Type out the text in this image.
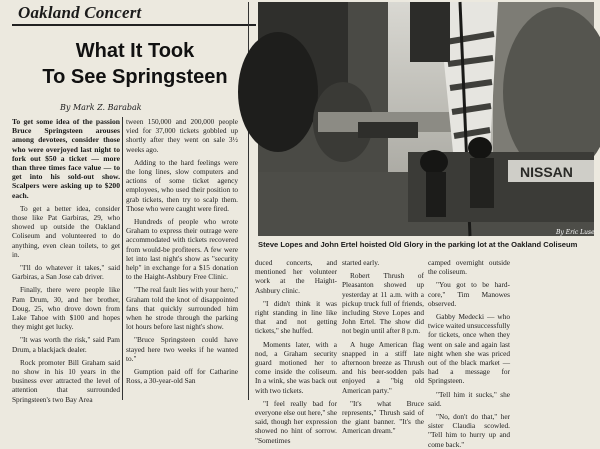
Oakland Concert
What It Took
To See Springsteen
By Mark Z. Barabak

To get some idea of the passion Bruce Springsteen arouses among devotees, consider those who were overjoyed last night to fork out $50 a ticket — more than three times face value — to get into his sold-out show. Scalpers were asking up to $200 each.

To get a better idea, consider those like Pat Garbiras, 29, who showed up outside the Oakland Coliseum and volunteered to do anything, even clean toilets, to get in.

"I'll do whatever it takes," said Garbiras, a San Jose cab driver.

Finally, there were people like Pam Drum, 30, and her brother, Doug, 25, who drove down from Lake Tahoe with $100 and hopes they might get lucky.

"It was worth the risk," said Pam Drum, a blackjack dealer.

Rock promoter Bill Graham said no show in his 10 years in the business ever attracted the level of attention that surrounded Springsteen's two Bay Area

tween 150,000 and 200,000 people vied for 37,000 tickets gobbled up shortly after they went on sale 3½ weeks ago.

Adding to the hard feelings were the long lines, slow computers and actions of some ticket agency employees, who used their position to grab tickets, then try to scalp them. Those who were caught were fired.

Hundreds of people who wrote Graham to express their outrage were accommodated with tickets recovered from would-be profiteers. A few were let into last night's show as "security help" in exchange for a $15 donation to the Haight-Ashbury Free Clinic.

"The real fault lies with your hero," Graham told the knot of disappointed fans that quickly surrounded him when he strode through the parking lot hours before last night's show.

"Bruce Springsteen could have stayed here two weeks if he wanted to."

Gumption paid off for Catharine Ross, a 30-year-old San

NISSAN
By Eric Luse
Steve Lopes and John Ertel hoisted Old Glory in the parking lot at the Oakland Coliseum

duced concerts, and mentioned her volunteer work at the Haight-Ashbury clinic.

"I didn't think it was right standing in line like that and not getting tickets," she huffed.

Moments later, with a nod, a Graham security guard motioned her to come inside the coliseum. In a wink, she was back out with two tickets.

"I feel really bad for everyone else out here," she said, though her expression showed no hint of sorrow. "Sometimes

started early.

Robert Thrush of Pleasanton showed up yesterday at 11 a.m. with a pickup truck full of friends, including Steve Lopes and John Ertel. The show did not begin until after 8 p.m.

A huge American flag snapped in a stiff late afternoon breeze as Thrush and his beer-sodden pals enjoyed a "big old American party."

"It's what Bruce represents," Thrush said of the giant banner. "It's the American dream."

camped overnight outside the coliseum.

"You got to be hard-core," Tim Manowes observed.

Gabby Medecki — who twice waited unsuccessfully for tickets, once when they went on sale and again last night when she was priced out of the black market — had a message for Springsteen.

"Tell him it sucks," she said.

"No, don't do that," her sister Claudia scowled. "Tell him to hurry up and come back."
